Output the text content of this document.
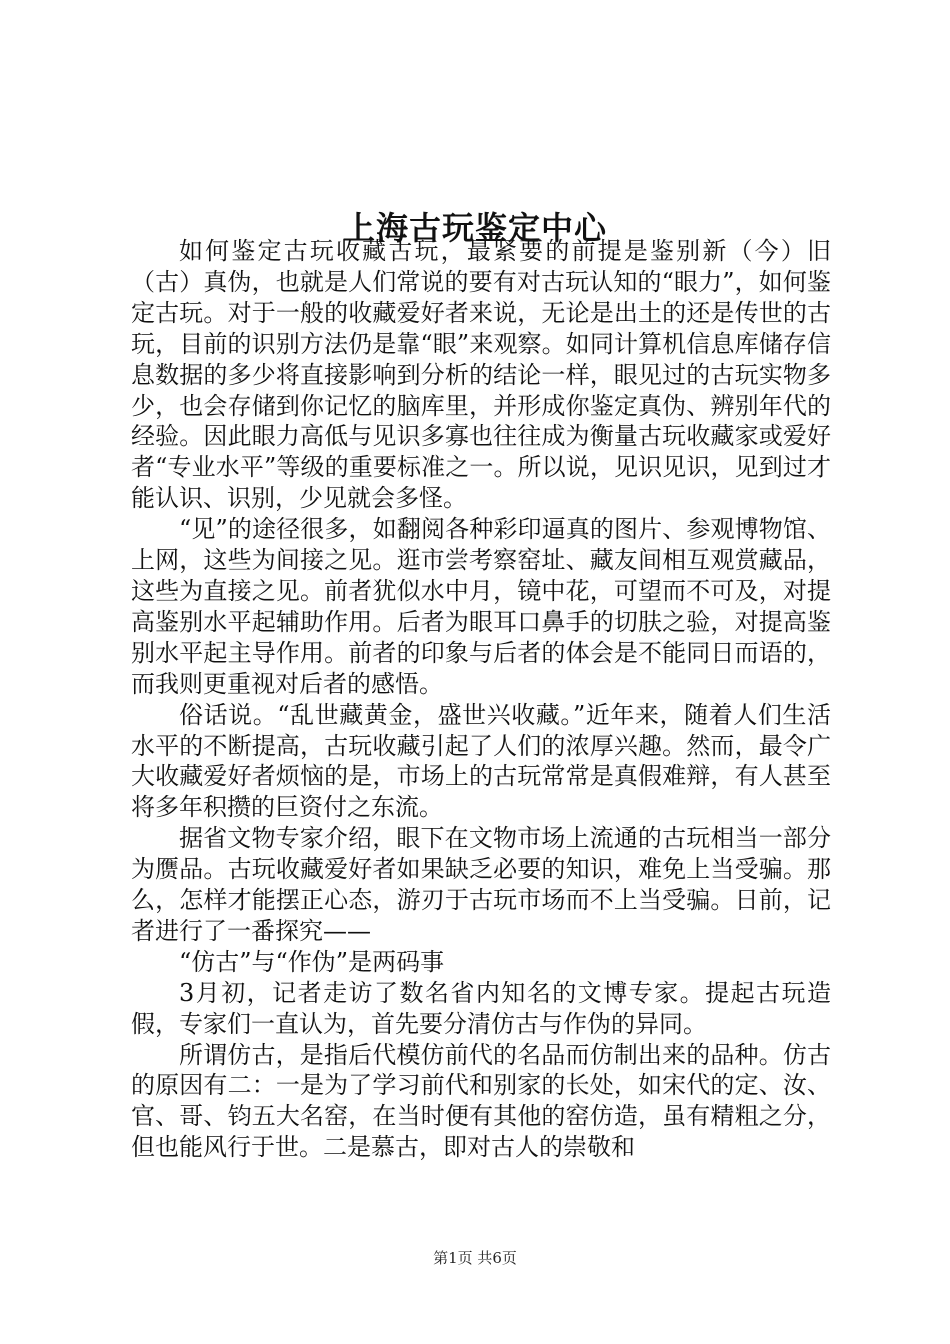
上海古玩鉴定中心

如何鉴定古玩收藏古玩，最紧要的前提是鉴别新（今）旧（古）真伪，也就是人们常说的要有对古玩认知的“眼力”，如何鉴定古玩。对于一般的收藏爱好者来说，无论是出土的还是传世的古玩，目前的识别方法仍是靠“眼”来观察。如同计算机信息库储存信息数据的多少将直接影响到分析的结论一样，眼见过的古玩实物多少，也会存储到你记忆的脑库里，并形成你鉴定真伪、辨别年代的经验。因此眼力高低与见识多寡也往往成为衡量古玩收藏家或爱好者“专业水平”等级的重要标准之一。所以说，见识见识，见到过才能认识、识别，少见就会多怪。

“见”的途径很多，如翻阅各种彩印逼真的图片、参观博物馆、上网，这些为间接之见。逛市尝考察窑址、藏友间相互观赏藏品，这些为直接之见。前者犹似水中月，镜中花，可望而不可及，对提高鉴别水平起辅助作用。后者为眼耳口鼻手的切肤之验，对提高鉴别水平起主导作用。前者的印象与后者的体会是不能同日而语的，而我则更重视对后者的感悟。

俗话说。“乱世藏黄金，盛世兴收藏。”近年来，随着人们生活水平的不断提高，古玩收藏引起了人们的浓厚兴趣。然而，最令广大收藏爱好者烦恼的是，市场上的古玩常常是真假难辩，有人甚至将多年积攒的巨资付之东流。

据省文物专家介绍，眼下在文物市场上流通的古玩相当一部分为赝品。古玩收藏爱好者如果缺乏必要的知识，难免上当受骗。那么，怎样才能摆正心态，游刃于古玩市场而不上当受骗。日前，记者进行了一番探究——

“仿古”与“作伪”是两码事

3月初，记者走访了数名省内知名的文博专家。提起古玩造假，专家们一直认为，首先要分清仿古与作伪的异同。

所谓仿古，是指后代模仿前代的名品而仿制出来的品种。仿古的原因有二：一是为了学习前代和别家的长处，如宋代的定、汝、官、哥、钧五大名窑，在当时便有其他的窑仿造，虽有精粗之分，但也能风行于世。二是慕古，即对古人的崇敬和

第1页 共6页
